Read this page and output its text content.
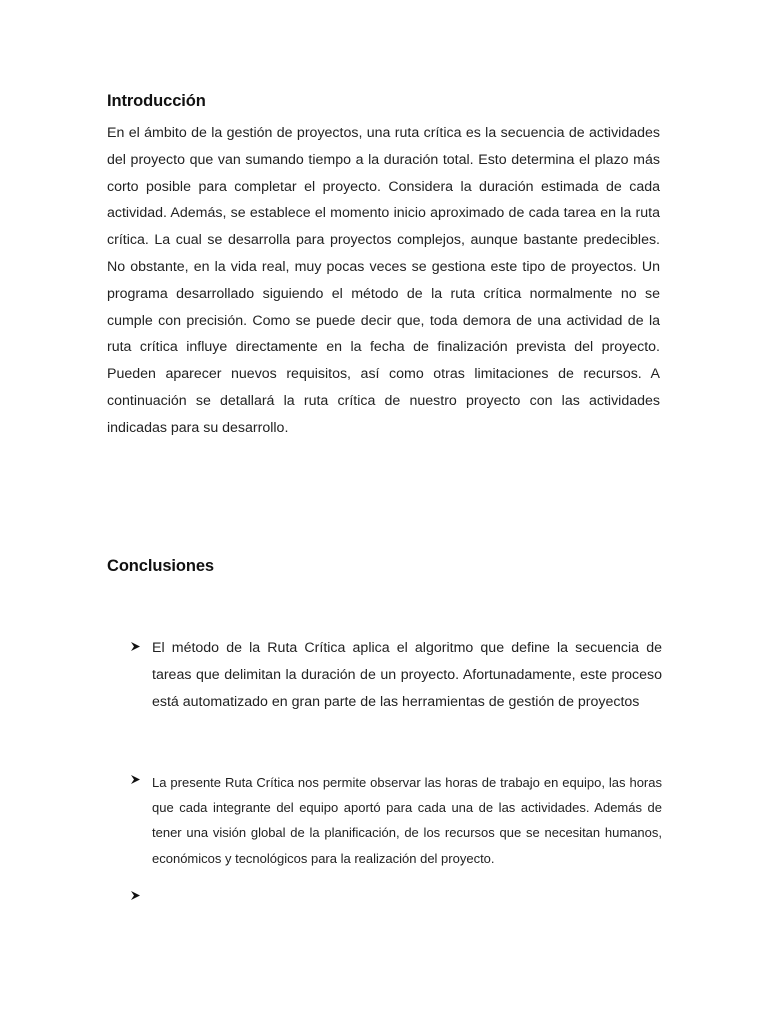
Introducción

En el ámbito de la gestión de proyectos, una ruta crítica es la secuencia de actividades del proyecto que van sumando tiempo a la duración total. Esto determina el plazo más corto posible para completar el proyecto. Considera la duración estimada de cada actividad. Además, se establece el momento inicio aproximado de cada tarea en la ruta crítica. La cual se desarrolla para proyectos complejos, aunque bastante predecibles. No obstante, en la vida real, muy pocas veces se gestiona este tipo de proyectos. Un programa desarrollado siguiendo el método de la ruta crítica normalmente no se cumple con precisión. Como se puede decir que, toda demora de una actividad de la ruta crítica influye directamente en la fecha de finalización prevista del proyecto. Pueden aparecer nuevos requisitos, así como otras limitaciones de recursos. A continuación se detallará la ruta crítica de nuestro proyecto con las actividades indicadas para su desarrollo.

Conclusiones

El método de la Ruta Crítica aplica el algoritmo que define la secuencia de tareas que delimitan la duración de un proyecto. Afortunadamente, este proceso está automatizado en gran parte de las herramientas de gestión de proyectos

La presente Ruta Crítica nos permite observar las horas de trabajo en equipo, las horas que cada integrante del equipo aportó para cada una de las actividades. Además de tener una visión global de la planificación, de los recursos que se necesitan humanos, económicos y tecnológicos para la realización del proyecto.
